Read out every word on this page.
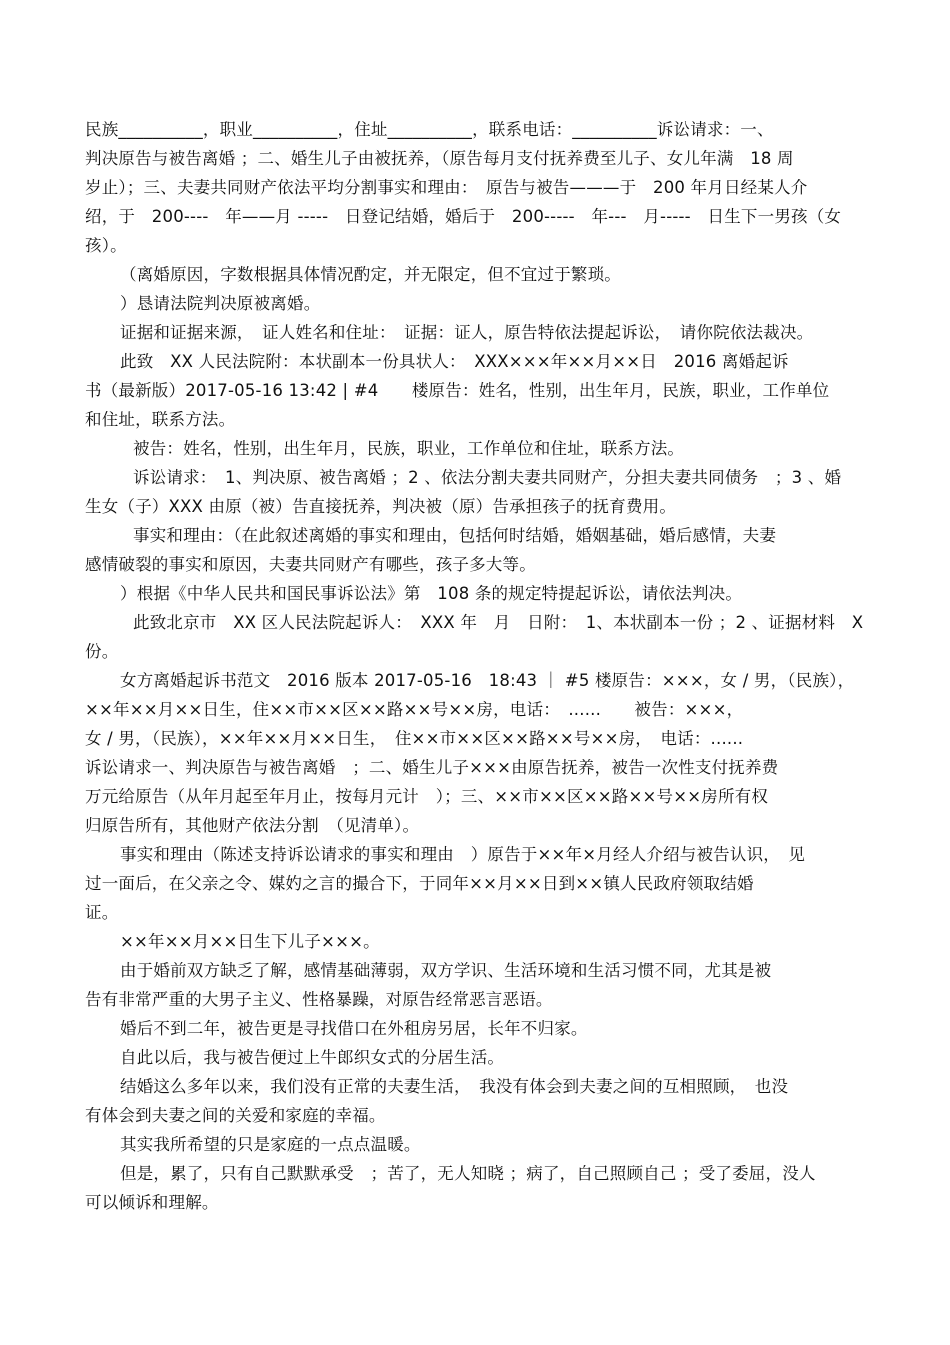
民族__________，职业__________，住址__________，联系电话：__________诉讼请求：一、
判决原告与被告离婚 ；二、婚生儿子由被抚养，（原告每月支付抚养费至儿子、女儿年满　18 周
岁止）；三、夫妻共同财产依法平均分割事实和理由：　原告与被告———于　200 年月日经某人介
绍，于　200----　年——月 -----　日登记结婚，婚后于　200-----　年---　月-----　日生下一男孩（女
孩）。
（离婚原因，字数根据具体情况酌定，并无限定，但不宜过于繁琐。
）恳请法院判决原被离婚。
证据和证据来源，　证人姓名和住址：　证据：证人，原告特依法提起诉讼，　请你院依法裁决。
此致　XX 人民法院附：本状副本一份具状人：　XXX×××年××月××日　2016 离婚起诉
书（最新版）2017-05-16 13:42 | #4　　楼原告：姓名，性别，出生年月，民族，职业，工作单位
和住址，联系方法。
被告：姓名，性别，出生年月，民族，职业，工作单位和住址，联系方法。
诉讼请求：　1、判决原、被告离婚 ；2 、依法分割夫妻共同财产，分担夫妻共同债务　；3 、婚
生女（子）XXX 由原（被）告直接抚养，判决被（原）告承担孩子的抚育费用。
事实和理由：（在此叙述离婚的事实和理由，包括何时结婚，婚姻基础，婚后感情，夫妻
感情破裂的事实和原因，夫妻共同财产有哪些，孩子多大等。
）根据《中华人民共和国民事诉讼法》第　108 条的规定特提起诉讼，请依法判决。
此致北京市　XX 区人民法院起诉人：　XXX 年　月　日附：　1、本状副本一份 ；2 、证据材料　X
份。
女方离婚起诉书范文　2016 版本 2017-05-16　18:43 ｜ #5 楼原告：×××，女 / 男，（民族），
××年××月××日生，住××市××区××路××号××房，电话：　......　　被告：×××，
女 / 男，（民族），××年××月××日生，　住××市××区××路××号××房，　电话：......
诉讼请求一、判决原告与被告离婚　；二、婚生儿子×××由原告抚养，被告一次性支付抚养费
万元给原告（从年月起至年月止，按每月元计　）；三、××市××区××路××号××房所有权
归原告所有，其他财产依法分割　（见清单）。
事实和理由（陈述支持诉讼请求的事实和理由　）原告于××年×月经人介绍与被告认识，　见
过一面后，在父亲之令、媒妁之言的撮合下，于同年××月××日到××镇人民政府领取结婚
证。
××年××月××日生下儿子×××。
由于婚前双方缺乏了解，感情基础薄弱，双方学识、生活环境和生活习惯不同，尤其是被
告有非常严重的大男子主义、性格暴躁，对原告经常恶言恶语。
婚后不到二年，被告更是寻找借口在外租房另居，长年不归家。
自此以后，我与被告便过上牛郎织女式的分居生活。
结婚这么多年以来，我们没有正常的夫妻生活，　我没有体会到夫妻之间的互相照顾，　也没
有体会到夫妻之间的关爱和家庭的幸福。
其实我所希望的只是家庭的一点点温暖。
但是，累了，只有自己默默承受　；苦了，无人知晓 ；病了，自己照顾自己 ；受了委屈，没人
可以倾诉和理解。
